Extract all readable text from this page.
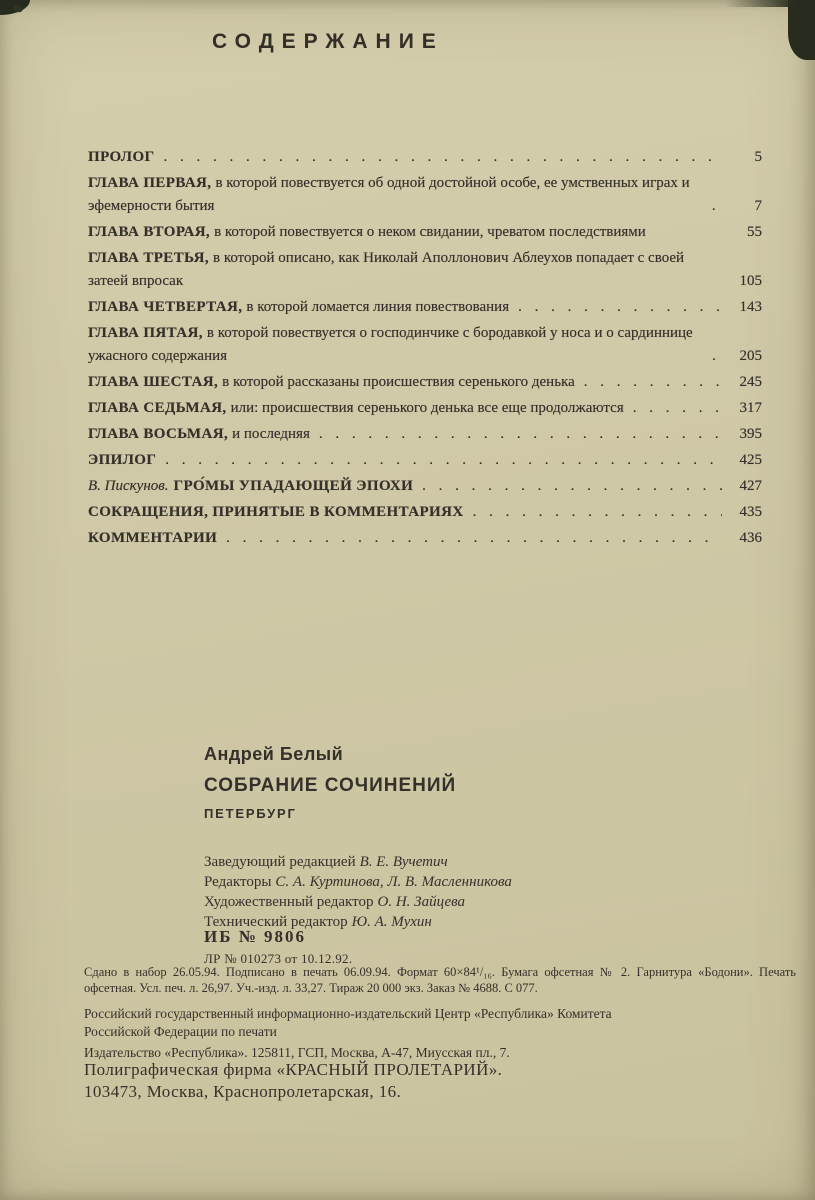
СОДЕРЖАНИЕ
ПРОЛОГ . . .	5
ГЛАВА ПЕРВАЯ, в которой повествуется об одной достойной особе, ее умственных играх и эфемерности бытия . . .	7
ГЛАВА ВТОРАЯ, в которой повествуется о неком свидании, чреватом последствиями	55
ГЛАВА ТРЕТЬЯ, в которой описано, как Николай Аполлонович Аблеухов попадает с своей затеей впросак	105
ГЛАВА ЧЕТВЕРТАЯ, в которой ломается линия повествования . . .	143
ГЛАВА ПЯТАЯ, в которой повествуется о господинчике с бородавкой у носа и о сардиннице ужасного содержания . . .	205
ГЛАВА ШЕСТАЯ, в которой рассказаны происшествия серенького денька . . .	245
ГЛАВА СЕДЬМАЯ, или: происшествия серенького денька все еще продолжаются . . .	317
ГЛАВА ВОСЬМАЯ, и последняя . . .	395
ЭПИЛОГ . . .	425
В. Пискунов. ГРО́МЫ УПАДАЮЩЕЙ ЭПОХИ . . .	427
СОКРАЩЕНИЯ, ПРИНЯТЫЕ В КОММЕНТАРИЯХ . . .	435
КОММЕНТАРИИ . . .	436
Андрей Белый
СОБРАНИЕ СОЧИНЕНИЙ
ПЕТЕРБУРГ
Заведующий редакцией В. Е. Вучетич
Редакторы С. А. Куртинова, Л. В. Масленникова
Художественный редактор О. Н. Зайцева
Технический редактор Ю. А. Мухин
ИБ № 9806
ЛР № 010273 от 10.12.92.
Сдано в набор 26.05.94. Подписано в печать 06.09.94. Формат 60×84¹/₁₆. Бумага офсетная № 2. Гарнитура «Бодони». Печать офсетная. Усл. печ. л. 26,97. Уч.-изд. л. 33,27. Тираж 20 000 экз. Заказ № 4688. С 077.
Российский государственный информационно-издательский Центр «Республика» Комитета Российской Федерации по печати
Издательство «Республика». 125811, ГСП, Москва, А-47, Миусская пл., 7.
Полиграфическая фирма «КРАСНЫЙ ПРОЛЕТАРИЙ».
103473, Москва, Краснопролетарская, 16.
